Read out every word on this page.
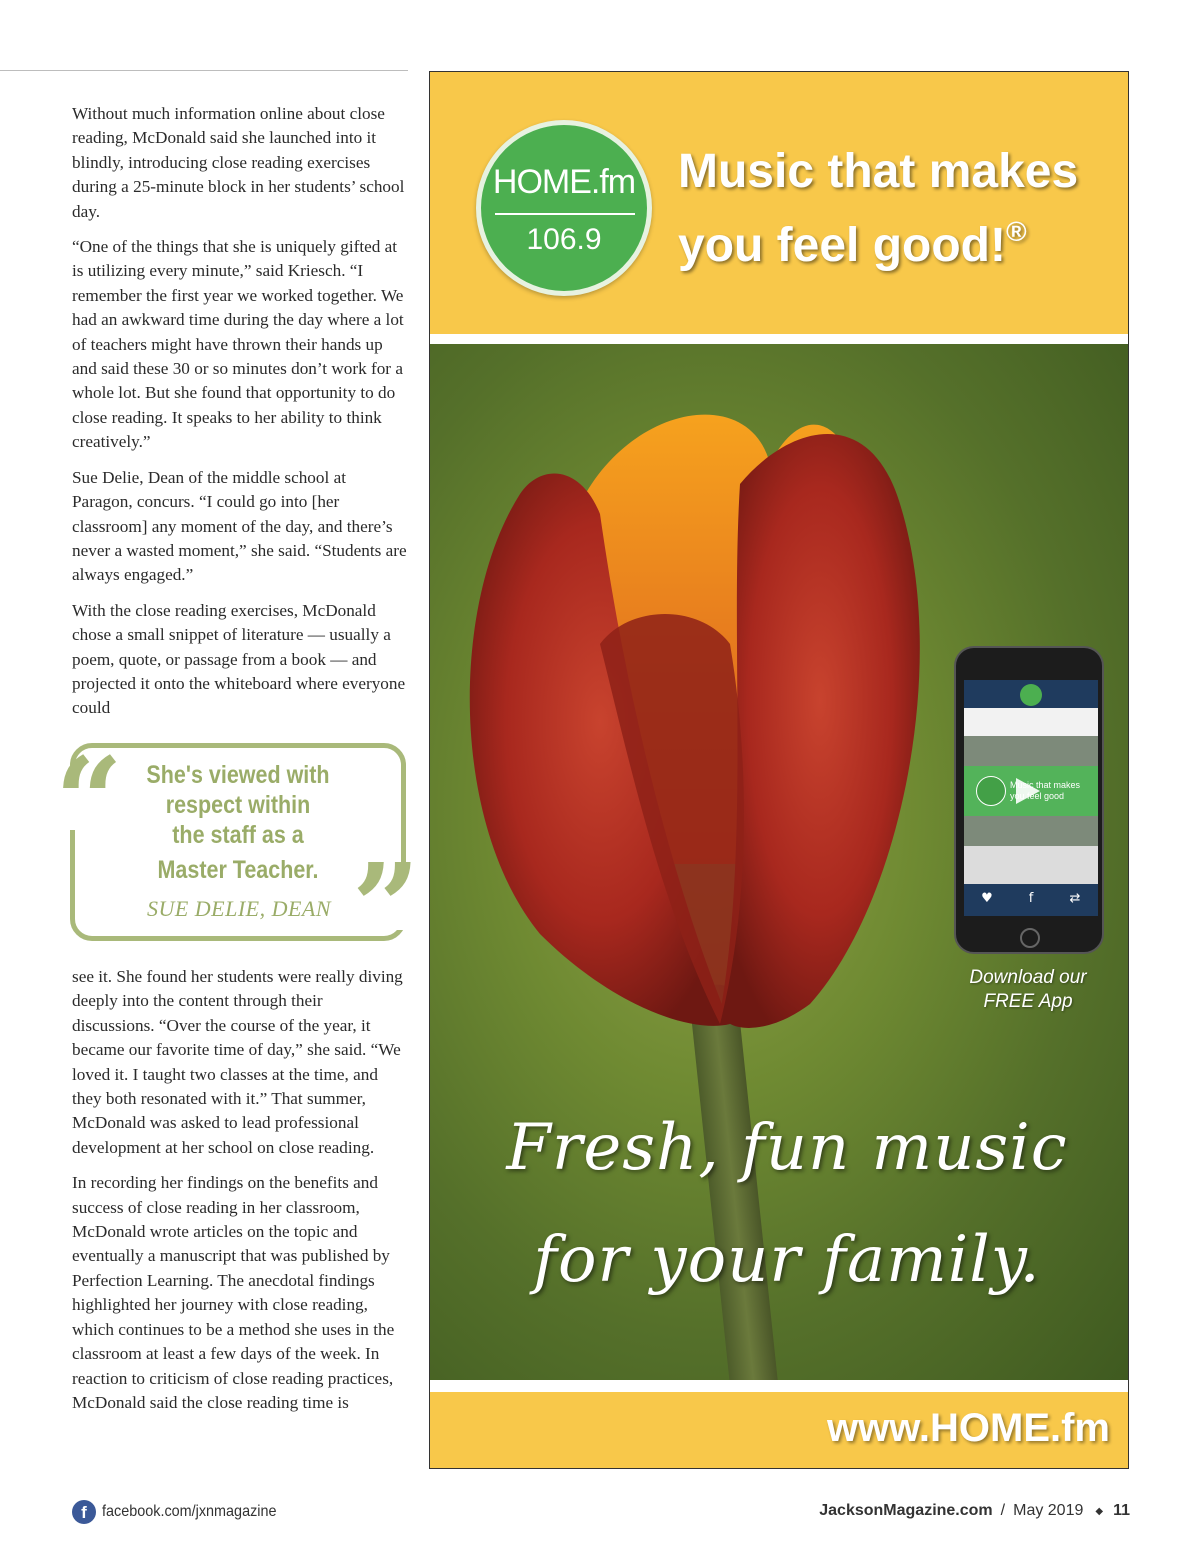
Without much information online about close reading, McDonald said she launched into it blindly, introducing close reading exercises during a 25-minute block in her students’ school day.

“One of the things that she is uniquely gifted at is utilizing every minute,” said Kriesch. “I remember the first year we worked together. We had an awkward time during the day where a lot of teachers might have thrown their hands up and said these 30 or so minutes don’t work for a whole lot. But she found that opportunity to do close reading. It speaks to her ability to think creatively.”

Sue Delie, Dean of the middle school at Paragon, concurs. “I could go into [her classroom] any moment of the day, and there’s never a wasted moment,” she said. “Students are always engaged.”

With the close reading exercises, McDonald chose a small snippet of literature — usually a poem, quote, or passage from a book — and projected it onto the whiteboard where everyone could

“
”
She's viewed with
respect within
the staff as a
Master Teacher.
SUE DELIE, DEAN

see it. She found her students were really diving deeply into the content through their discussions. “Over the course of the year, it became our favorite time of day,” she said. “We loved it. I taught two classes at the time, and they both resonated with it.” That summer, McDonald was asked to lead professional development at her school on close reading.

In recording her findings on the benefits and success of close reading in her classroom, McDonald wrote articles on the topic and eventually a manuscript that was published by Perfection Learning. The anecdotal findings highlighted her journey with close reading, which continues to be a method she uses in the classroom at least a few days of the week. In reaction to criticism of close reading practices, McDonald said the close reading time is

HOME.fm
106.9
Music that makes
you feel good!®
Music that makes you feel good
♥	f	⇄
Download our
FREE App
Fresh, fun music
for your family.
www.HOME.fm
f facebook.com/jxnmagazine	JacksonMagazine.com / May 2019 ◆ 11
